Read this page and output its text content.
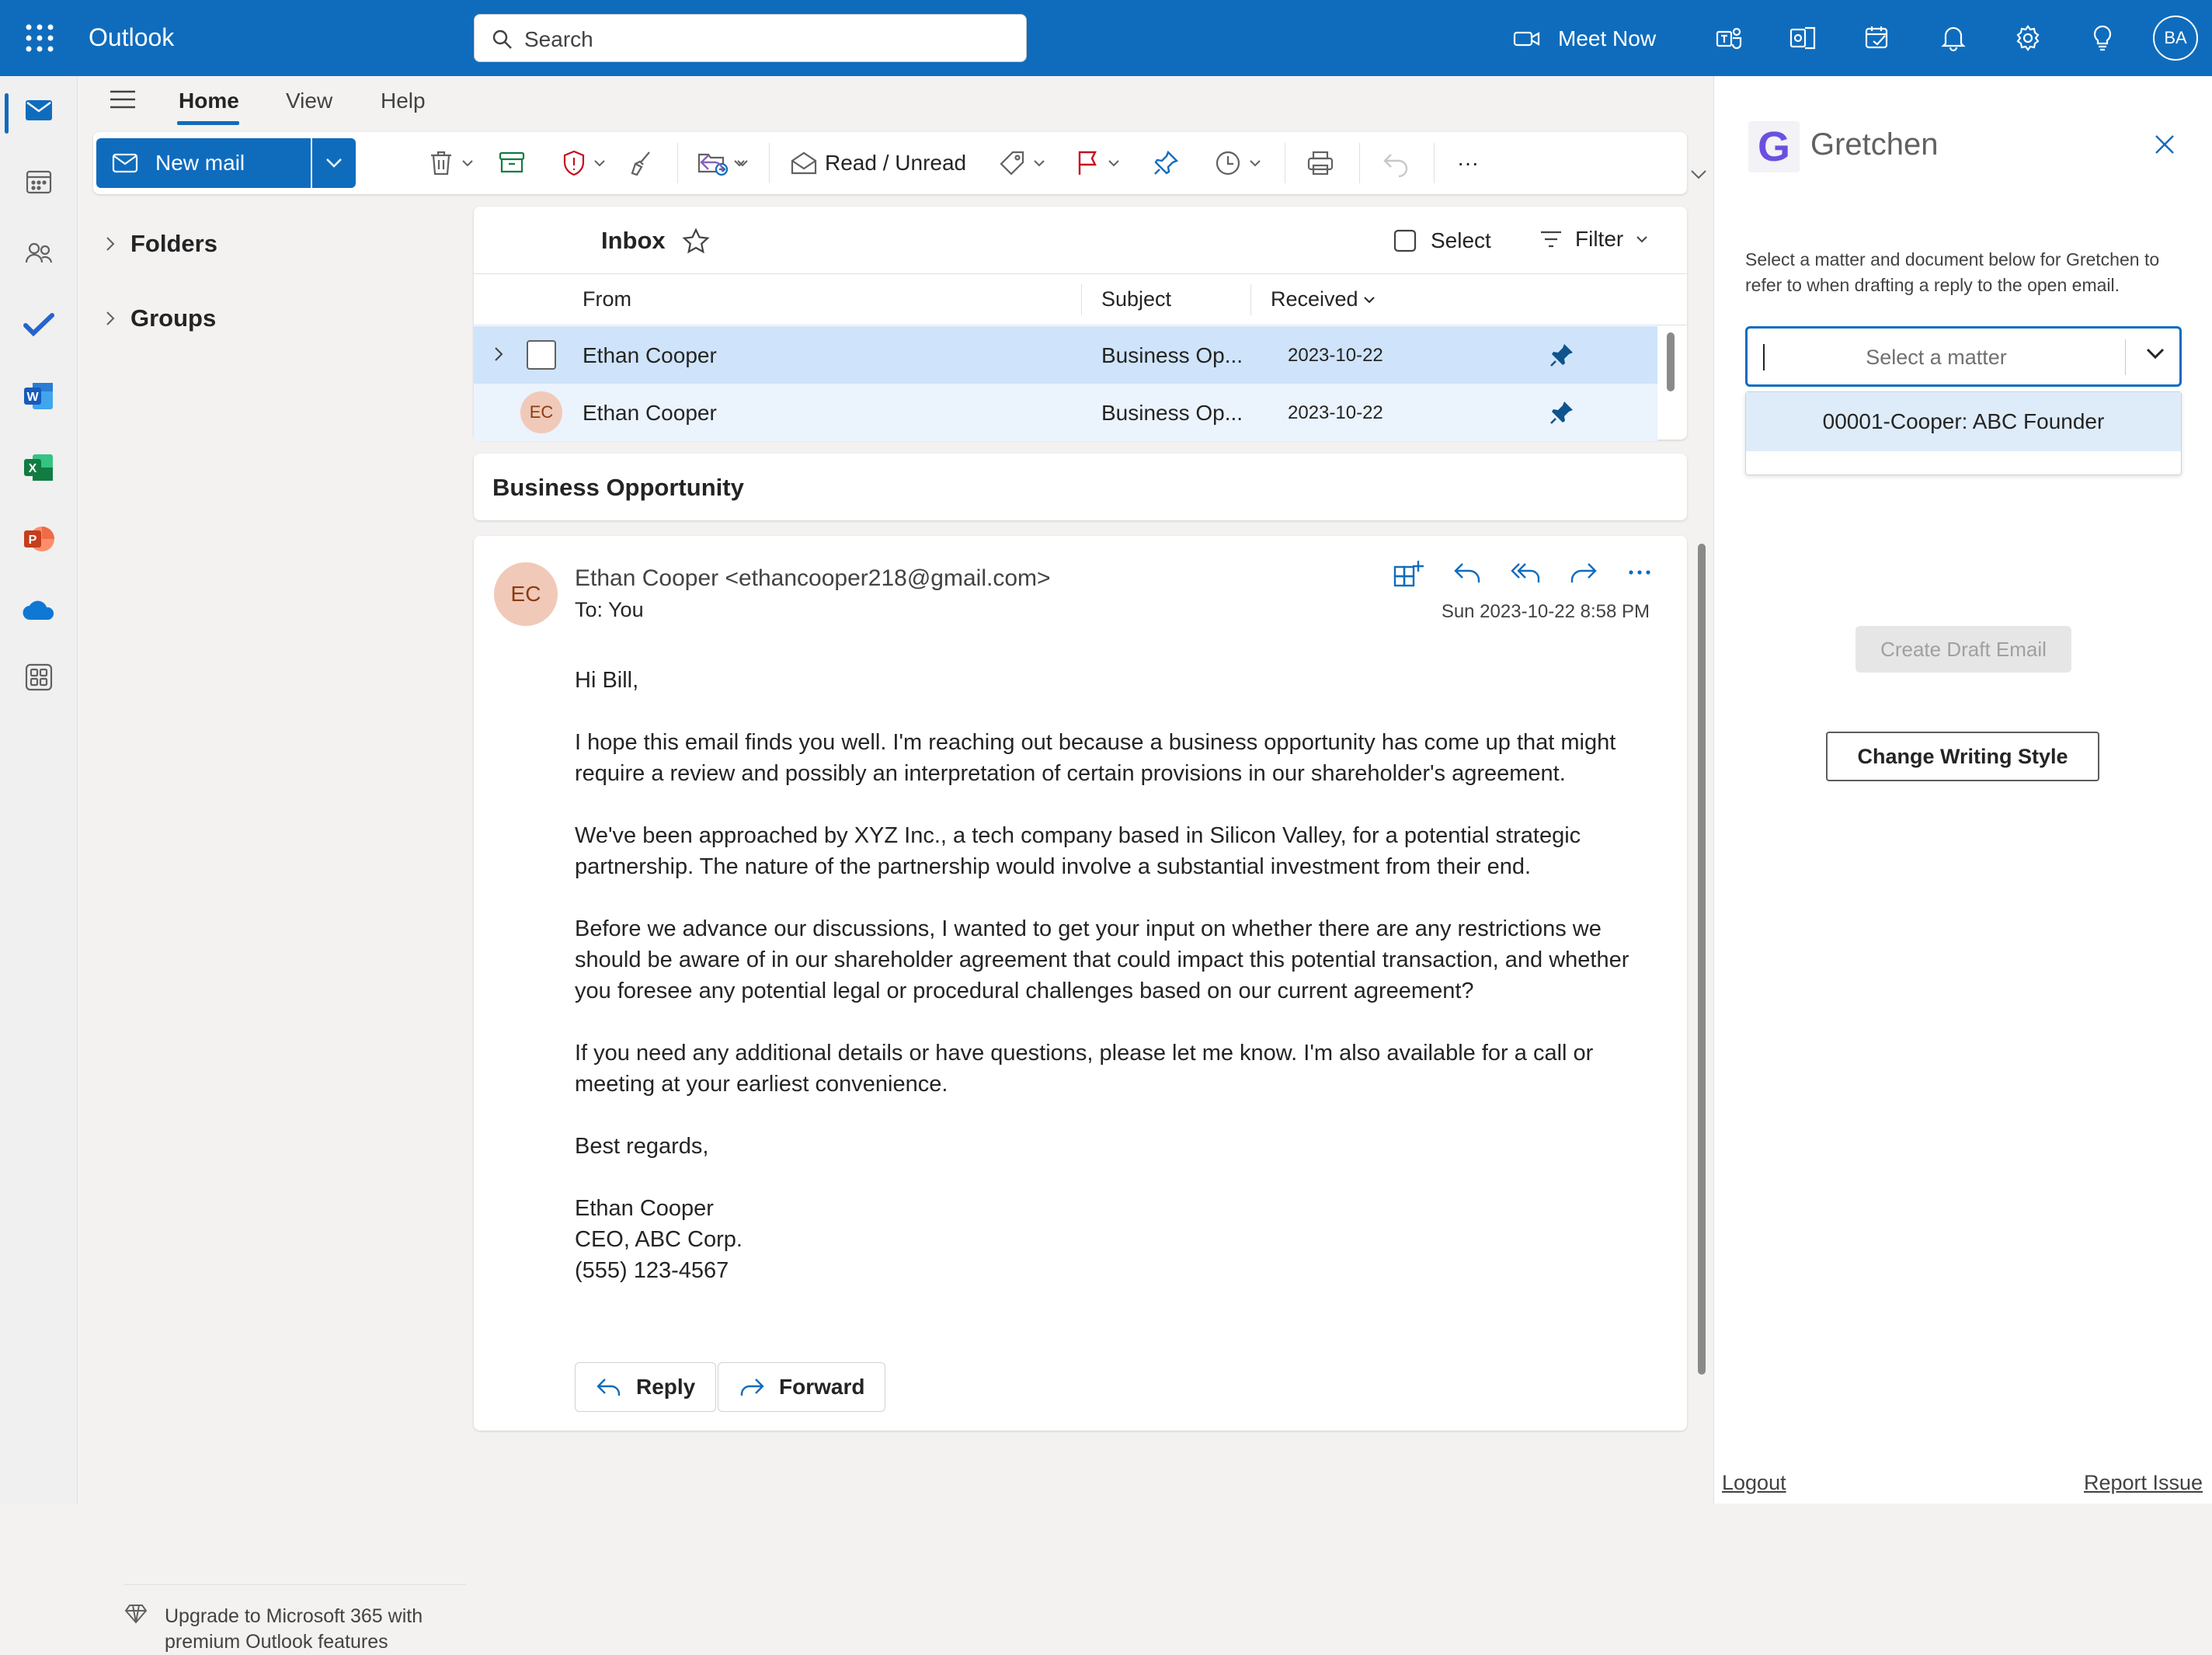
Outlook	Search	Meet Now	BA
W
X
P
Home View Help
New mail	Read / Unread	···
Folders
Groups
Upgrade to Microsoft 365 with premium Outlook features
Inbox	Select	Filter
From	Subject	Received
Ethan Cooper	Business Op... 2023-10-22
EC	Ethan Cooper	Business Op... 2023-10-22
Business Opportunity
EC
Ethan Cooper <ethancooper218@gmail.com>
To: You	Sun 2023-10-22 8:58 PM

Hi Bill,

I hope this email finds you well. I'm reaching out because a business opportunity has come up that might require a review and possibly an interpretation of certain provisions in our shareholder's agreement.

We've been approached by XYZ Inc., a tech company based in Silicon Valley, for a potential strategic partnership. The nature of the partnership would involve a substantial investment from their end.

Before we advance our discussions, I wanted to get your input on whether there are any restrictions we should be aware of in our shareholder agreement that could impact this potential transaction, and whether you foresee any potential legal or procedural challenges based on our current agreement?

If you need any additional details or have questions, please let me know. I'm also available for a call or meeting at your earliest convenience.

Best regards,

Ethan Cooper

CEO, ABC Corp.

(555) 123-4567

Reply	Forward
G Gretchen
Select a matter and document below for Gretchen to refer to when drafting a reply to the open email.
Select a matter
00001-Cooper: ABC Founder
Create Draft Email
Change Writing Style
Logout	Report Issue
